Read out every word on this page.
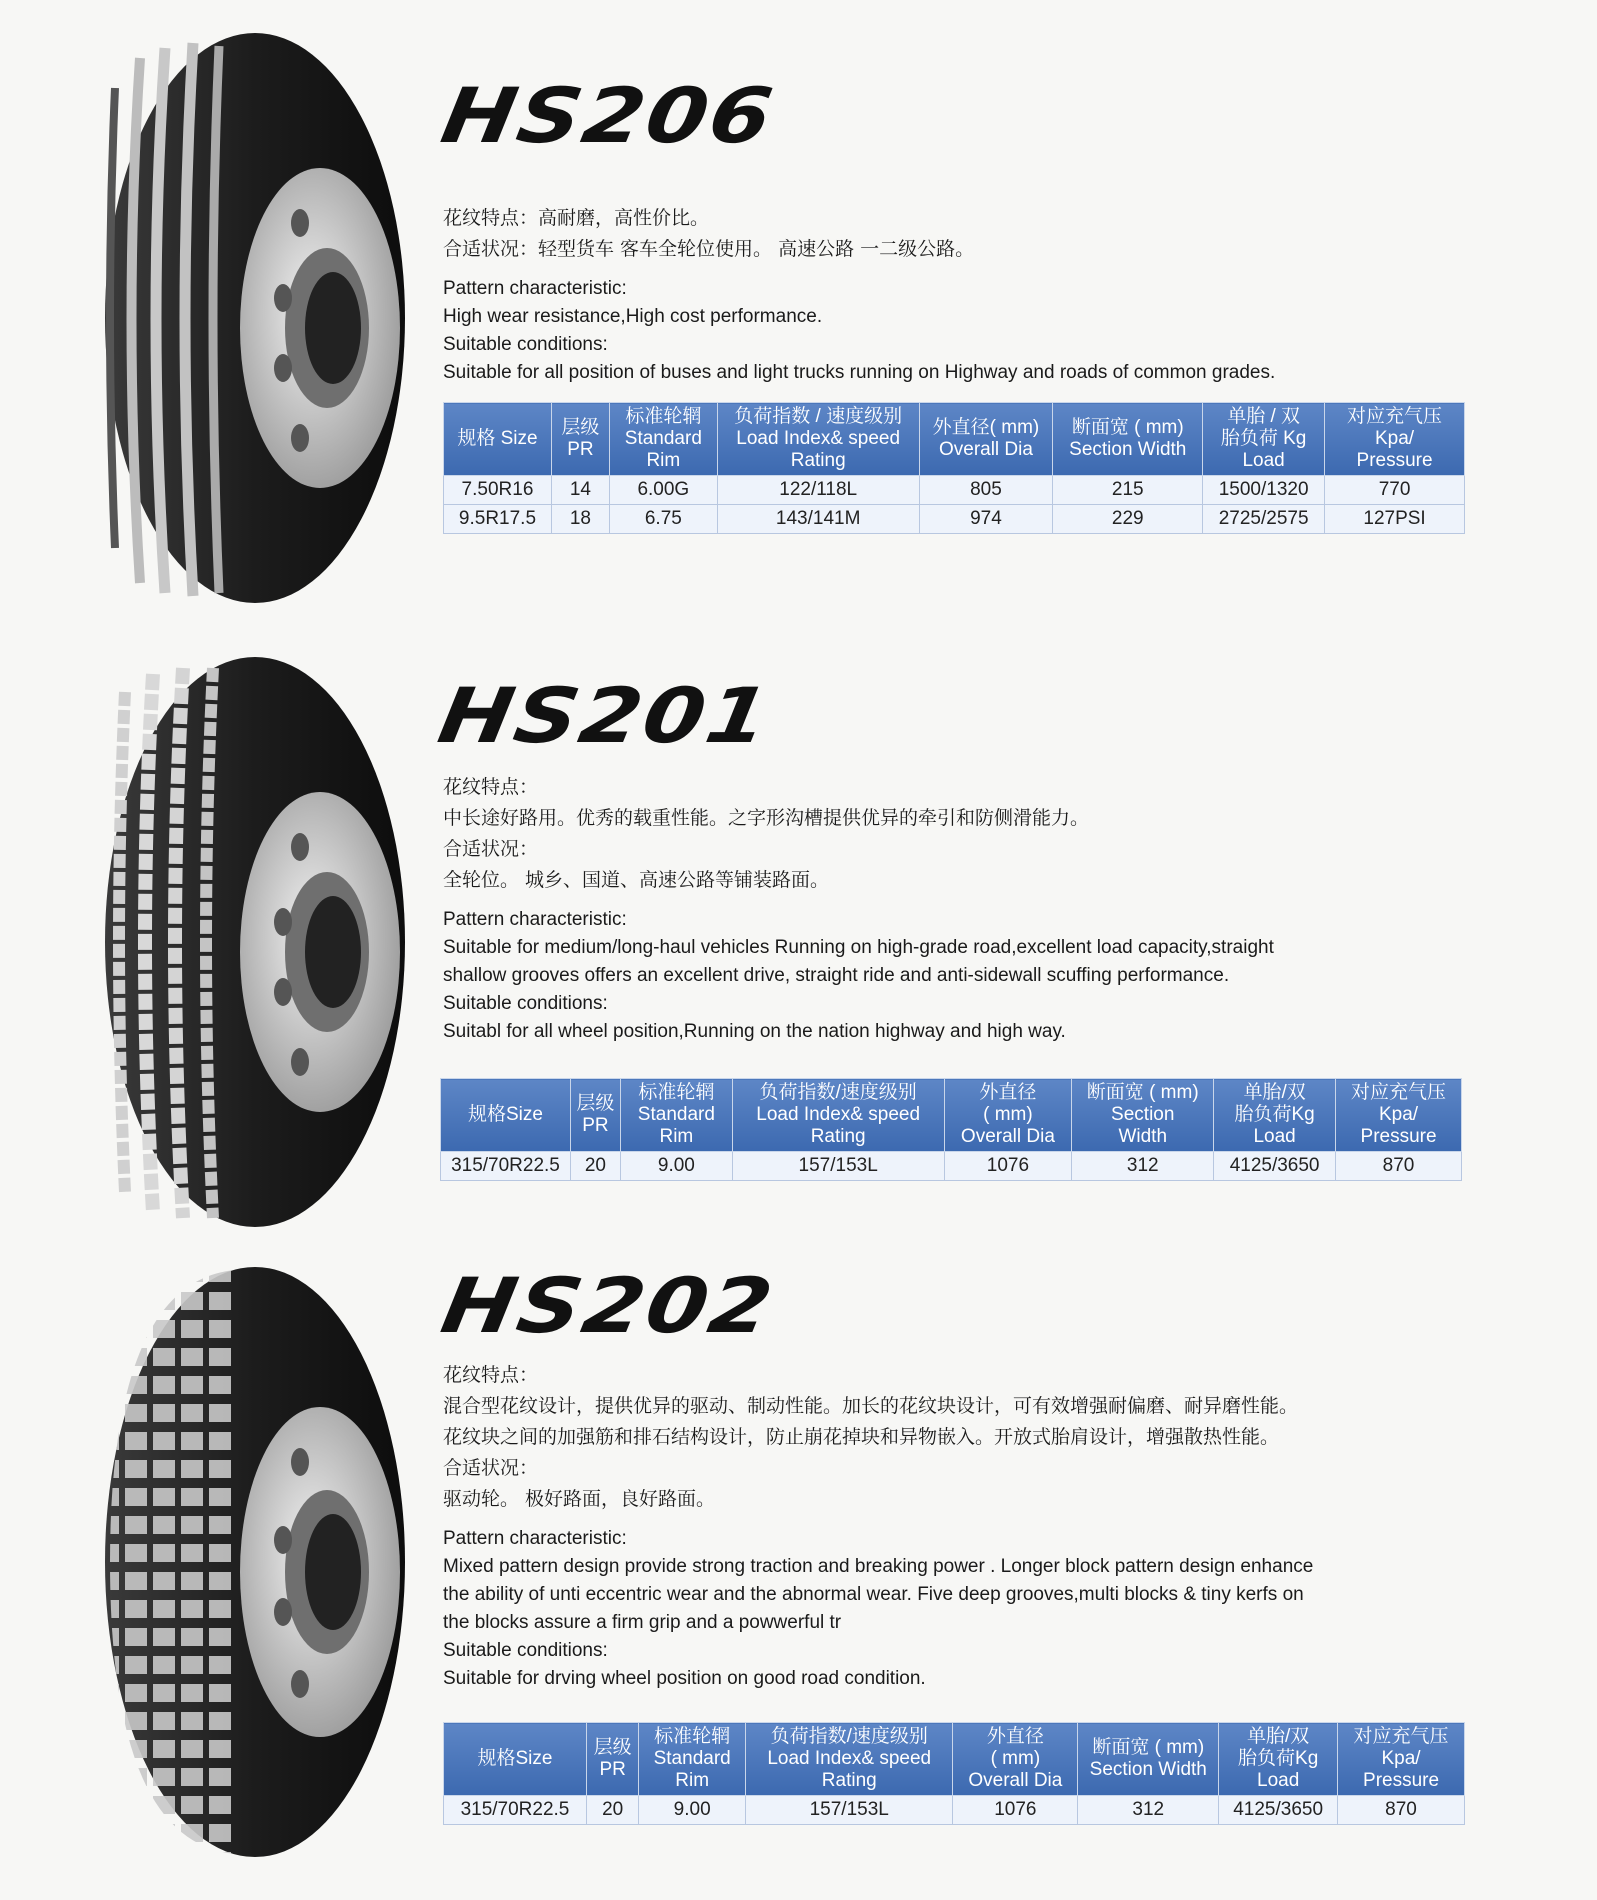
HS206

花纹特点：高耐磨，高性价比。

合适状况：轻型货车 客车全轮位使用。 高速公路 一二级公路。

Pattern characteristic:

High wear resistance,High cost performance.

Suitable conditions:

Suitable for all position of buses and light trucks running on Highway and roads of common grades.

规格 Size	层级
PR	标准轮辋
Standard
Rim	负荷指数 / 速度级别
Load Index& speed
Rating	外直径( mm)
Overall Dia	断面宽 ( mm)
Section Width	单胎 / 双
胎负荷 Kg
Load	对应充气压
Kpa/
Pressure
7.50R16	14	6.00G	122/118L	805	215	1500/1320	770
9.5R17.5	18	6.75	143/141M	974	229	2725/2575	127PSI
HS201

花纹特点：

中长途好路用。优秀的载重性能。之字形沟槽提供优异的牵引和防侧滑能力。

合适状况：

全轮位。 城乡、国道、高速公路等铺装路面。

Pattern characteristic:

Suitable for medium/long-haul vehicles Running on high-grade road,excellent load capacity,straight

shallow grooves offers an excellent drive, straight ride and anti-sidewall scuffing performance.

Suitable conditions:

Suitabl for all wheel position,Running on the nation highway and high way.

规格Size	层级
PR	标准轮辋
Standard
Rim	负荷指数/速度级别
Load Index& speed
Rating	外直径
( mm)
Overall Dia	断面宽 ( mm)
Section
Width	单胎/双
胎负荷Kg
Load	对应充气压
Kpa/
Pressure
315/70R22.5	20	9.00	157/153L	1076	312	4125/3650	870
HS202

花纹特点：

混合型花纹设计，提供优异的驱动、制动性能。加长的花纹块设计，可有效增强耐偏磨、耐异磨性能。

花纹块之间的加强筋和排石结构设计，防止崩花掉块和异物嵌入。开放式胎肩设计，增强散热性能。

合适状况：

驱动轮。 极好路面，良好路面。

Pattern characteristic:

Mixed pattern design provide strong traction and breaking power . Longer block pattern design enhance

the ability of unti eccentric wear and the abnormal wear. Five deep grooves,multi blocks & tiny kerfs on

the blocks assure a firm grip and a powwerful tr

Suitable conditions:

Suitable for drving wheel position on good road condition.

规格Size	层级
PR	标准轮辋
Standard
Rim	负荷指数/速度级别
Load Index& speed
Rating	外直径
( mm)
Overall Dia	断面宽 ( mm)
Section Width	单胎/双
胎负荷Kg
Load	对应充气压
Kpa/
Pressure
315/70R22.5	20	9.00	157/153L	1076	312	4125/3650	870
